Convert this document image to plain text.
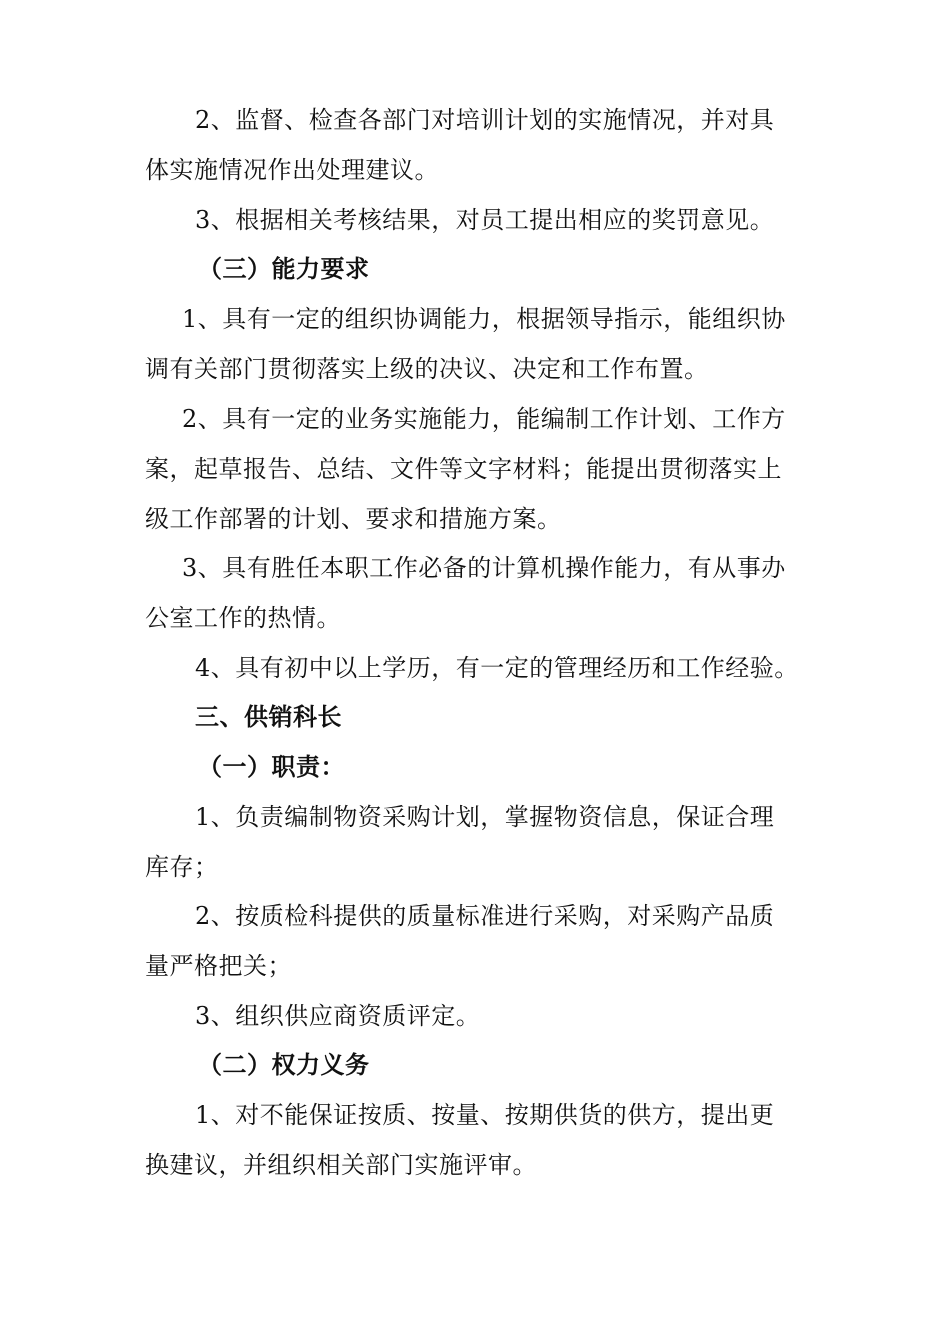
2、监督、检查各部门对培训计划的实施情况，并对具
体实施情况作出处理建议。
3、根据相关考核结果，对员工提出相应的奖罚意见。
（三）能力要求
1、具有一定的组织协调能力，根据领导指示，能组织协
调有关部门贯彻落实上级的决议、决定和工作布置。
2、具有一定的业务实施能力，能编制工作计划、工作方
案，起草报告、总结、文件等文字材料；能提出贯彻落实上
级工作部署的计划、要求和措施方案。
3、具有胜任本职工作必备的计算机操作能力，有从事办
公室工作的热情。
4、具有初中以上学历，有一定的管理经历和工作经验。
三、供销科长
（一）职责：
1、负责编制物资采购计划，掌握物资信息，保证合理
库存；
2、按质检科提供的质量标准进行采购，对采购产品质
量严格把关；
3、组织供应商资质评定。
（二）权力义务
1、对不能保证按质、按量、按期供货的供方，提出更
换建议，并组织相关部门实施评审。
